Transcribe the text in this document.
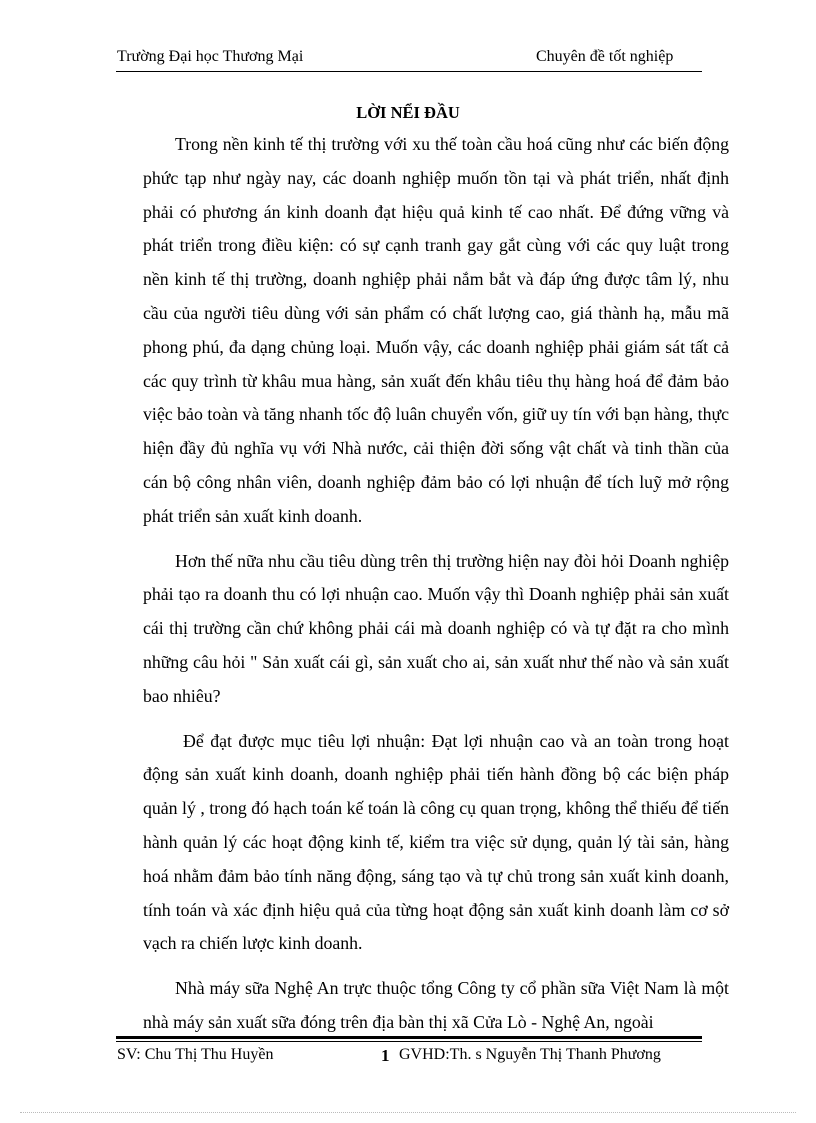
Trường Đại học Thương Mại	Chuyên đề tốt nghiệp
LỜI NỂI ĐẦU

Trong nền kinh tế thị trường với xu thế toàn cầu hoá cũng như các biến động phức tạp như ngày nay, các doanh nghiệp muốn tồn tại và phát triển, nhất định phải có phương án kinh doanh đạt hiệu quả kinh tế cao nhất. Để đứng vững và phát triển trong điều kiện: có sự cạnh tranh gay gắt cùng với các quy luật trong nền kinh tế thị trường, doanh nghiệp phải nắm bắt và đáp ứng được tâm lý, nhu cầu của người tiêu dùng với sản phẩm có chất lượng cao, giá thành hạ, mẫu mã phong phú, đa dạng chủng loại. Muốn vậy, các doanh nghiệp phải giám sát tất cả các quy trình từ khâu mua hàng, sản xuất đến khâu tiêu thụ hàng hoá để đảm bảo việc bảo toàn và tăng nhanh tốc độ luân chuyển vốn, giữ uy tín với bạn hàng, thực hiện đầy đủ nghĩa vụ với Nhà nước, cải thiện đời sống vật chất và tinh thần của cán bộ công nhân viên, doanh nghiệp đảm bảo có lợi nhuận để tích luỹ mở rộng phát triển sản xuất kinh doanh.

Hơn thế nữa nhu cầu tiêu dùng trên thị trường hiện nay đòi hỏi Doanh nghiệp phải tạo ra doanh thu có lợi nhuận cao. Muốn vậy thì Doanh nghiệp phải sản xuất cái thị trường cần chứ không phải cái mà doanh nghiệp có và tự đặt ra cho mình những câu hỏi " Sản xuất cái gì, sản xuất cho ai, sản xuất như thế nào và sản xuất bao nhiêu?

Để đạt được mục tiêu lợi nhuận: Đạt lợi nhuận cao và an toàn trong hoạt động sản xuất kinh doanh, doanh nghiệp phải tiến hành đồng bộ các biện pháp quản lý , trong đó hạch toán kế toán là công cụ quan trọng, không thể thiếu để tiến hành quản lý các hoạt động kinh tế, kiểm tra việc sử dụng, quản lý tài sản, hàng hoá nhằm đảm bảo tính năng động, sáng tạo và tự chủ trong sản xuất kinh doanh, tính toán và xác định hiệu quả của từng hoạt động sản xuất kinh doanh làm cơ sở vạch ra chiến lược kinh doanh.

Nhà máy sữa Nghệ An trực thuộc tổng Công ty cổ phần sữa Việt Nam là một nhà máy sản xuất sữa đóng trên địa bàn thị xã Cửa Lò - Nghệ An, ngoài

SV: Chu Thị Thu Huyền	1 GVHD:Th. s Nguyễn Thị Thanh Phương
